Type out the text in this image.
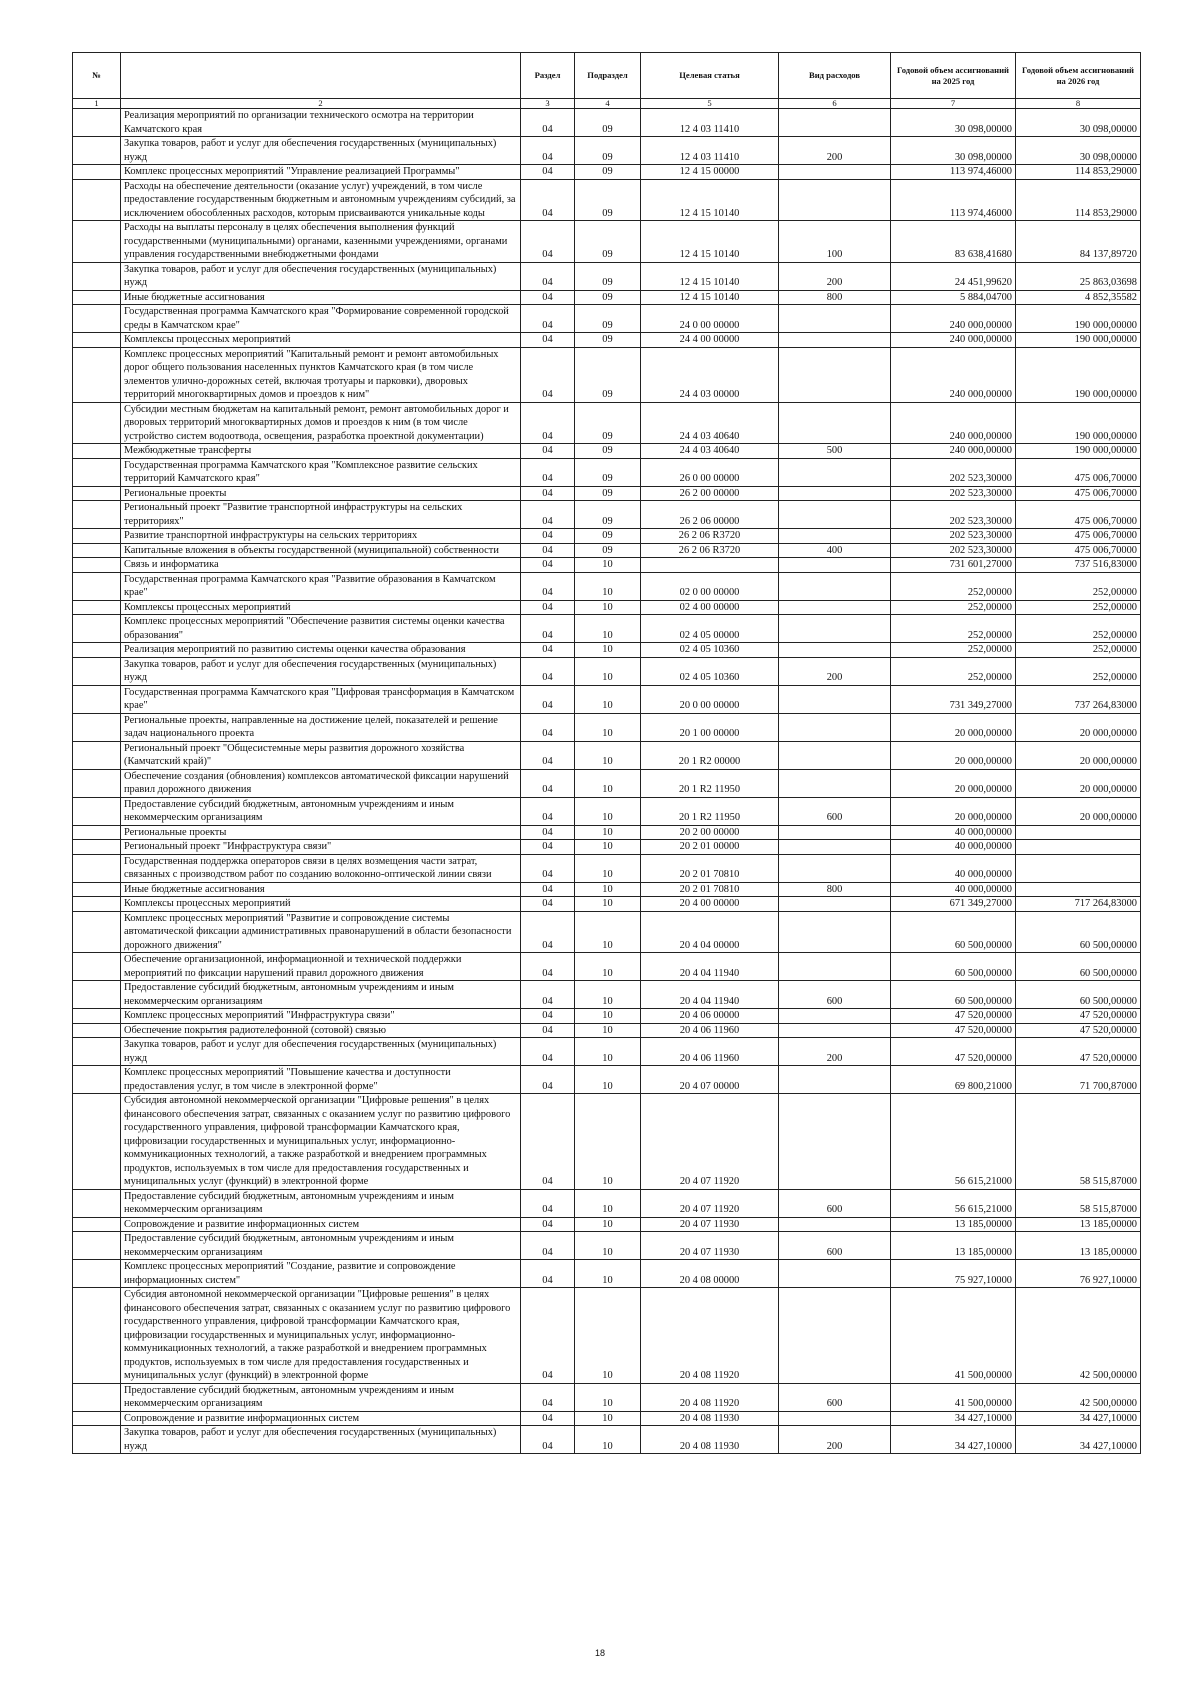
№		Раздел	Подраздел	Целевая статья	Вид расходов	Годовой объем ассигнований на 2025 год	Годовой объем ассигнований на 2026 год
1	2	3	4	5	6	7	8
	Реализация мероприятий по организации технического осмотра на территории Камчатского края	04	09	12 4 03 11410		30 098,00000	30 098,00000
	Закупка товаров, работ и услуг для обеспечения государственных (муниципальных) нужд	04	09	12 4 03 11410	200	30 098,00000	30 098,00000
	Комплекс процессных мероприятий "Управление реализацией Программы"	04	09	12 4 15 00000		113 974,46000	114 853,29000
	Расходы на обеспечение деятельности (оказание услуг) учреждений, в том числе предоставление государственным бюджетным и автономным учреждениям субсидий, за исключением обособленных расходов, которым присваиваются уникальные коды	04	09	12 4 15 10140		113 974,46000	114 853,29000
	Расходы на выплаты персоналу в целях обеспечения выполнения функций государственными (муниципальными) органами, казенными учреждениями, органами управления государственными внебюджетными фондами	04	09	12 4 15 10140	100	83 638,41680	84 137,89720
	Закупка товаров, работ и услуг для обеспечения государственных (муниципальных) нужд	04	09	12 4 15 10140	200	24 451,99620	25 863,03698
	Иные бюджетные ассигнования	04	09	12 4 15 10140	800	5 884,04700	4 852,35582
	Государственная программа Камчатского края "Формирование современной городской среды в Камчатском крае"	04	09	24 0 00 00000		240 000,00000	190 000,00000
	Комплексы процессных мероприятий	04	09	24 4 00 00000		240 000,00000	190 000,00000
	Комплекс процессных мероприятий "Капитальный ремонт и ремонт автомобильных дорог общего пользования населенных пунктов Камчатского края (в том числе элементов улично-дорожных сетей, включая тротуары и парковки), дворовых территорий многоквартирных домов и проездов к ним"	04	09	24 4 03 00000		240 000,00000	190 000,00000
	Субсидии местным бюджетам на капитальный ремонт, ремонт автомобильных дорог и дворовых территорий многоквартирных домов и проездов к ним (в том числе устройство систем водоотвода, освещения, разработка проектной документации)	04	09	24 4 03 40640		240 000,00000	190 000,00000
	Межбюджетные трансферты	04	09	24 4 03 40640	500	240 000,00000	190 000,00000
	Государственная программа Камчатского края "Комплексное развитие сельских территорий Камчатского края"	04	09	26 0 00 00000		202 523,30000	475 006,70000
	Региональные проекты	04	09	26 2 00 00000		202 523,30000	475 006,70000
	Региональный проект "Развитие транспортной инфраструктуры на сельских территориях"	04	09	26 2 06 00000		202 523,30000	475 006,70000
	Развитие транспортной инфраструктуры на сельских территориях	04	09	26 2 06 R3720		202 523,30000	475 006,70000
	Капитальные вложения в объекты государственной (муниципальной) собственности	04	09	26 2 06 R3720	400	202 523,30000	475 006,70000
	Связь и информатика	04	10			731 601,27000	737 516,83000
	Государственная программа Камчатского края "Развитие образования в Камчатском крае"	04	10	02 0 00 00000		252,00000	252,00000
	Комплексы процессных мероприятий	04	10	02 4 00 00000		252,00000	252,00000
	Комплекс процессных мероприятий "Обеспечение развития системы оценки качества образования"	04	10	02 4 05 00000		252,00000	252,00000
	Реализация мероприятий по развитию системы оценки качества образования	04	10	02 4 05 10360		252,00000	252,00000
	Закупка товаров, работ и услуг для обеспечения государственных (муниципальных) нужд	04	10	02 4 05 10360	200	252,00000	252,00000
	Государственная программа Камчатского края "Цифровая трансформация в Камчатском крае"	04	10	20 0 00 00000		731 349,27000	737 264,83000
	Региональные проекты, направленные на достижение целей, показателей и решение задач национального проекта	04	10	20 1 00 00000		20 000,00000	20 000,00000
	Региональный проект "Общесистемные меры развития дорожного хозяйства (Камчатский край)"	04	10	20 1 R2 00000		20 000,00000	20 000,00000
	Обеспечение создания (обновления) комплексов автоматической фиксации нарушений правил дорожного движения	04	10	20 1 R2 11950		20 000,00000	20 000,00000
	Предоставление субсидий бюджетным, автономным учреждениям и иным некоммерческим организациям	04	10	20 1 R2 11950	600	20 000,00000	20 000,00000
	Региональные проекты	04	10	20 2 00 00000		40 000,00000	
	Региональный проект "Инфраструктура связи"	04	10	20 2 01 00000		40 000,00000	
	Государственная поддержка операторов связи в целях возмещения части затрат, связанных с производством работ по созданию волоконно-оптической линии связи	04	10	20 2 01 70810		40 000,00000	
	Иные бюджетные ассигнования	04	10	20 2 01 70810	800	40 000,00000	
	Комплексы процессных мероприятий	04	10	20 4 00 00000		671 349,27000	717 264,83000
	Комплекс процессных мероприятий "Развитие и сопровождение системы автоматической фиксации административных правонарушений в области безопасности дорожного движения"	04	10	20 4 04 00000		60 500,00000	60 500,00000
	Обеспечение организационной, информационной и технической поддержки мероприятий по фиксации нарушений правил дорожного движения	04	10	20 4 04 11940		60 500,00000	60 500,00000
	Предоставление субсидий бюджетным, автономным учреждениям и иным некоммерческим организациям	04	10	20 4 04 11940	600	60 500,00000	60 500,00000
	Комплекс процессных мероприятий "Инфраструктура связи"	04	10	20 4 06 00000		47 520,00000	47 520,00000
	Обеспечение покрытия радиотелефонной (сотовой) связью	04	10	20 4 06 11960		47 520,00000	47 520,00000
	Закупка товаров, работ и услуг для обеспечения государственных (муниципальных) нужд	04	10	20 4 06 11960	200	47 520,00000	47 520,00000
	Комплекс процессных мероприятий "Повышение качества и доступности предоставления услуг, в том числе в электронной форме"	04	10	20 4 07 00000		69 800,21000	71 700,87000
	Субсидия автономной некоммерческой организации "Цифровые решения" в целях финансового обеспечения затрат, связанных с оказанием услуг по развитию цифрового государственного управления, цифровой трансформации Камчатского края, цифровизации государственных и муниципальных услуг, информационно-коммуникационных технологий, а также разработкой и внедрением программных продуктов, используемых в том числе для предоставления государственных и муниципальных услуг (функций) в электронной форме	04	10	20 4 07 11920		56 615,21000	58 515,87000
	Предоставление субсидий бюджетным, автономным учреждениям и иным некоммерческим организациям	04	10	20 4 07 11920	600	56 615,21000	58 515,87000
	Сопровождение и развитие информационных систем	04	10	20 4 07 11930		13 185,00000	13 185,00000
	Предоставление субсидий бюджетным, автономным учреждениям и иным некоммерческим организациям	04	10	20 4 07 11930	600	13 185,00000	13 185,00000
	Комплекс процессных мероприятий "Создание, развитие и сопровождение информационных систем"	04	10	20 4 08 00000		75 927,10000	76 927,10000
	Субсидия автономной некоммерческой организации "Цифровые решения" в целях финансового обеспечения затрат, связанных с оказанием услуг по развитию цифрового государственного управления, цифровой трансформации Камчатского края, цифровизации государственных и муниципальных услуг, информационно-коммуникационных технологий, а также разработкой и внедрением программных продуктов, используемых в том числе для предоставления государственных и муниципальных услуг (функций) в электронной форме	04	10	20 4 08 11920		41 500,00000	42 500,00000
	Предоставление субсидий бюджетным, автономным учреждениям и иным некоммерческим организациям	04	10	20 4 08 11920	600	41 500,00000	42 500,00000
	Сопровождение и развитие информационных систем	04	10	20 4 08 11930		34 427,10000	34 427,10000
	Закупка товаров, работ и услуг для обеспечения государственных (муниципальных) нужд	04	10	20 4 08 11930	200	34 427,10000	34 427,10000
18
